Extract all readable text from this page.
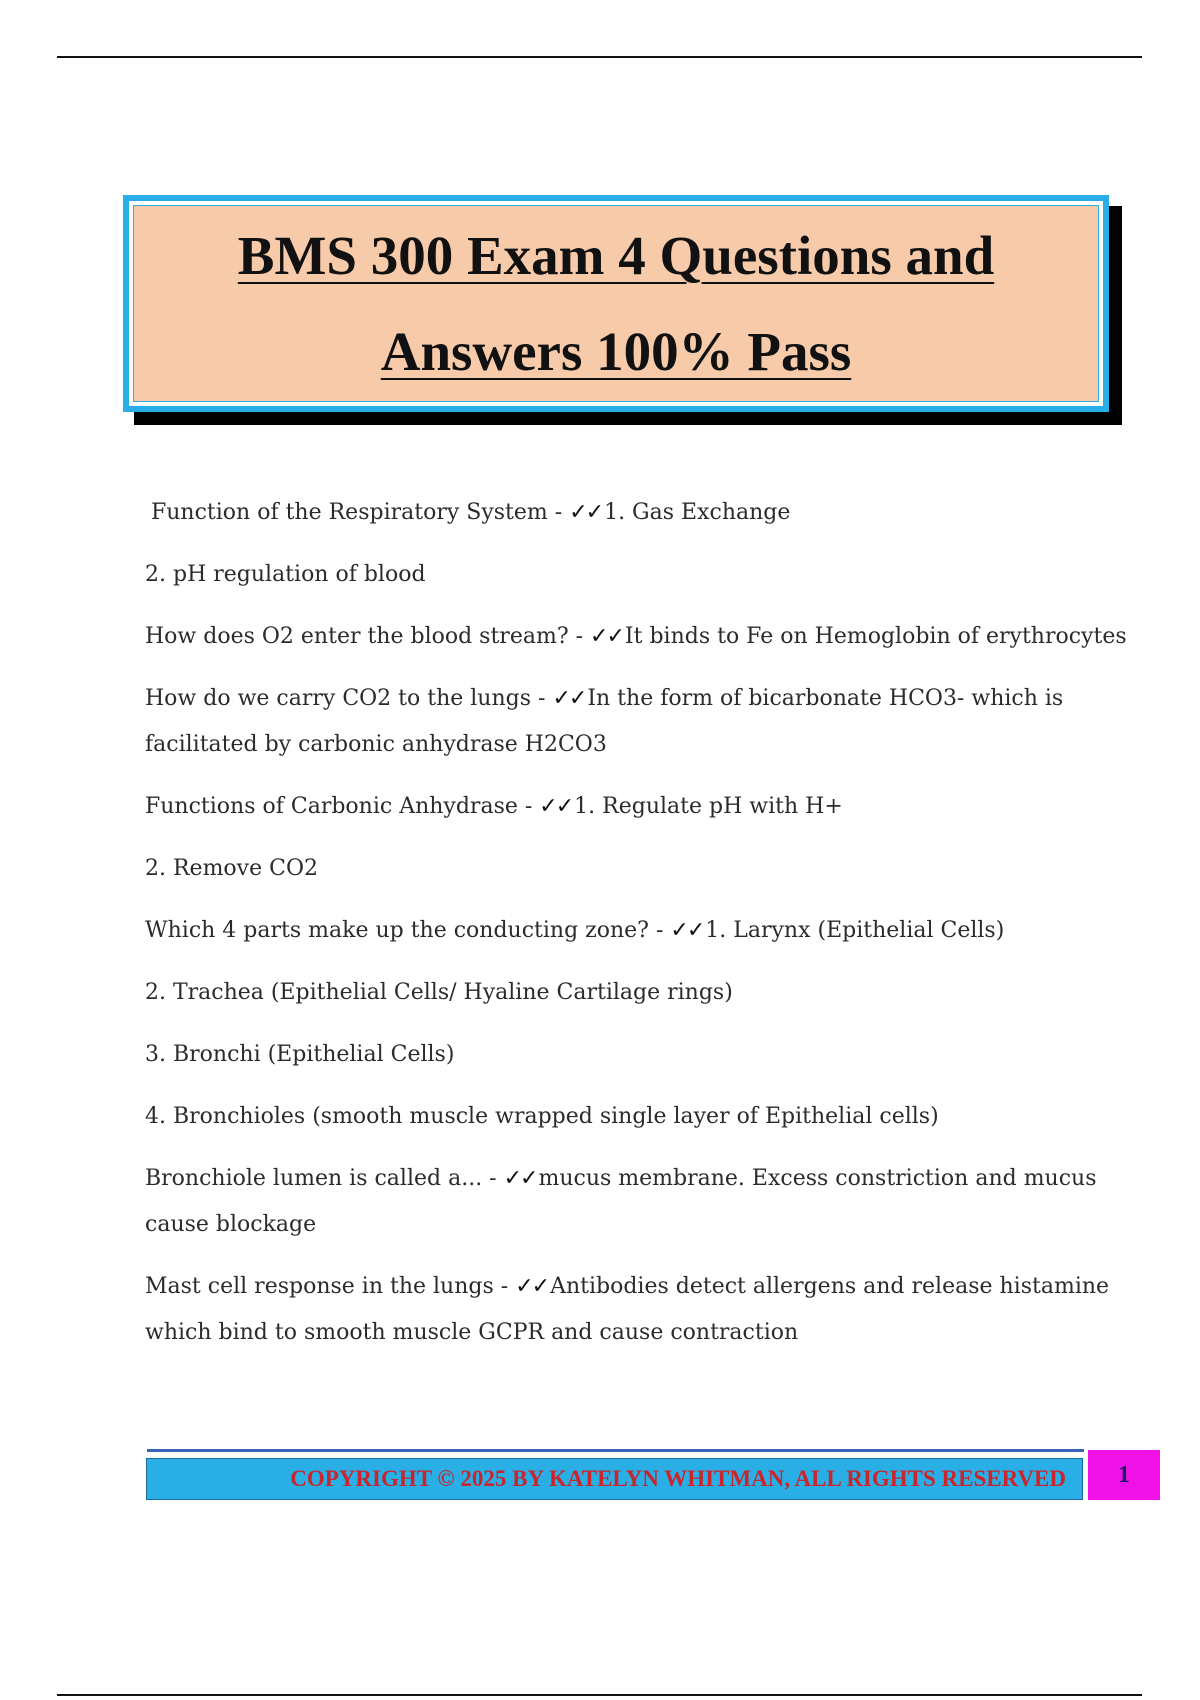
BMS 300 Exam 4 Questions and
Answers 100% Pass
Function of the Respiratory System - ✓✓1. Gas Exchange
2. pH regulation of blood
How does O2 enter the blood stream? - ✓✓It binds to Fe on Hemoglobin of erythrocytes
How do we carry CO2 to the lungs - ✓✓In the form of bicarbonate HCO3- which is
facilitated by carbonic anhydrase H2CO3
Functions of Carbonic Anhydrase - ✓✓1. Regulate pH with H+
2. Remove CO2
Which 4 parts make up the conducting zone? - ✓✓1. Larynx (Epithelial Cells)
2. Trachea (Epithelial Cells/ Hyaline Cartilage rings)
3. Bronchi (Epithelial Cells)
4. Bronchioles (smooth muscle wrapped single layer of Epithelial cells)
Bronchiole lumen is called a... - ✓✓mucus membrane. Excess constriction and mucus
cause blockage
Mast cell response in the lungs - ✓✓Antibodies detect allergens and release histamine
which bind to smooth muscle GCPR and cause contraction
COPYRIGHT © 2025 BY KATELYN WHITMAN, ALL RIGHTS RESERVED 1
